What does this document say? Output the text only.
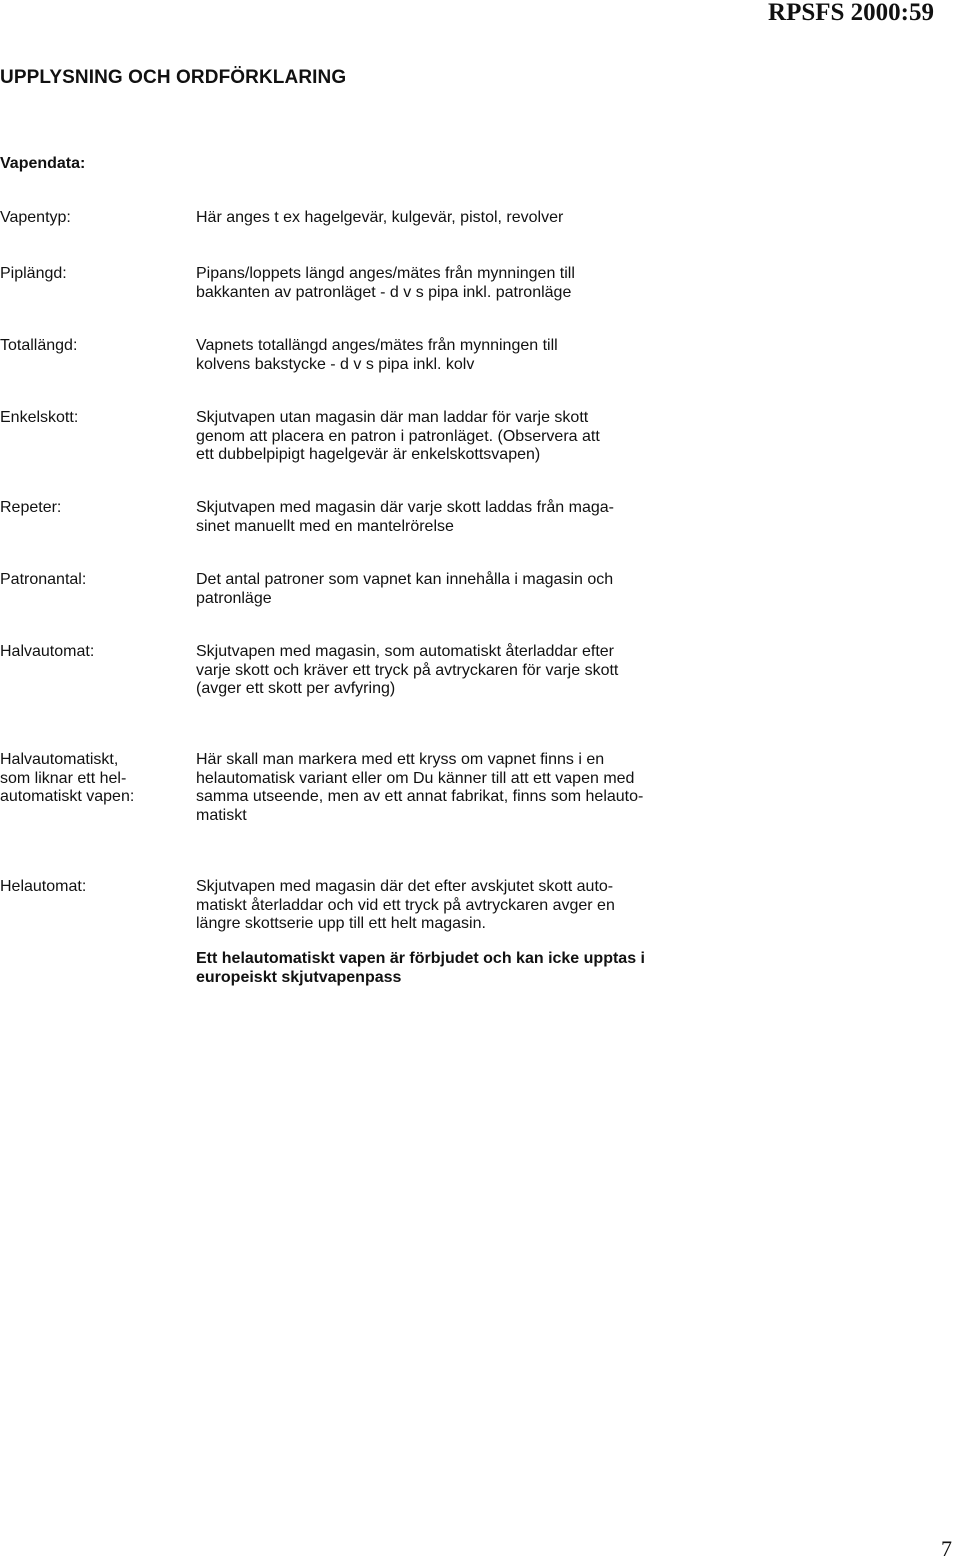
RPSFS 2000:59
UPPLYSNING OCH ORDFÖRKLARING
Vapendata:
Vapentyp:	Här anges t ex hagelgevär, kulgevär, pistol, revolver
Piplängd:	Pipans/loppets längd anges/mätes från mynningen till
bakkanten av patronläget - d v s pipa inkl. patronläge
Totallängd:	Vapnets totallängd anges/mätes från mynningen till
kolvens bakstycke - d v s pipa inkl. kolv
Enkelskott:	Skjutvapen utan magasin där man laddar för varje skott
genom att placera en patron i patronläget. (Observera att
ett dubbelpipigt hagelgevär är enkelskottsvapen)
Repeter:	Skjutvapen med magasin där varje skott laddas från maga-
sinet manuellt med en mantelrörelse
Patronantal:	Det antal patroner som vapnet kan innehålla i magasin och
patronläge
Halvautomat:	Skjutvapen med magasin, som automatiskt återladdar efter
varje skott och kräver ett tryck på avtryckaren för varje skott
(avger ett skott per avfyring)
Halvautomatiskt,
som liknar ett hel-
automatiskt vapen:
Här skall man markera med ett kryss om vapnet finns i en
helautomatisk variant eller om Du känner till att ett vapen med
samma utseende, men av ett annat fabrikat, finns som helauto-
matiskt
Helautomat:	Skjutvapen med magasin där det efter avskjutet skott auto-
matiskt återladdar och vid ett tryck på avtryckaren avger en
längre skottserie upp till ett helt magasin.
Ett helautomatiskt vapen är förbjudet och kan icke upptas i
europeiskt skjutvapenpass
7
